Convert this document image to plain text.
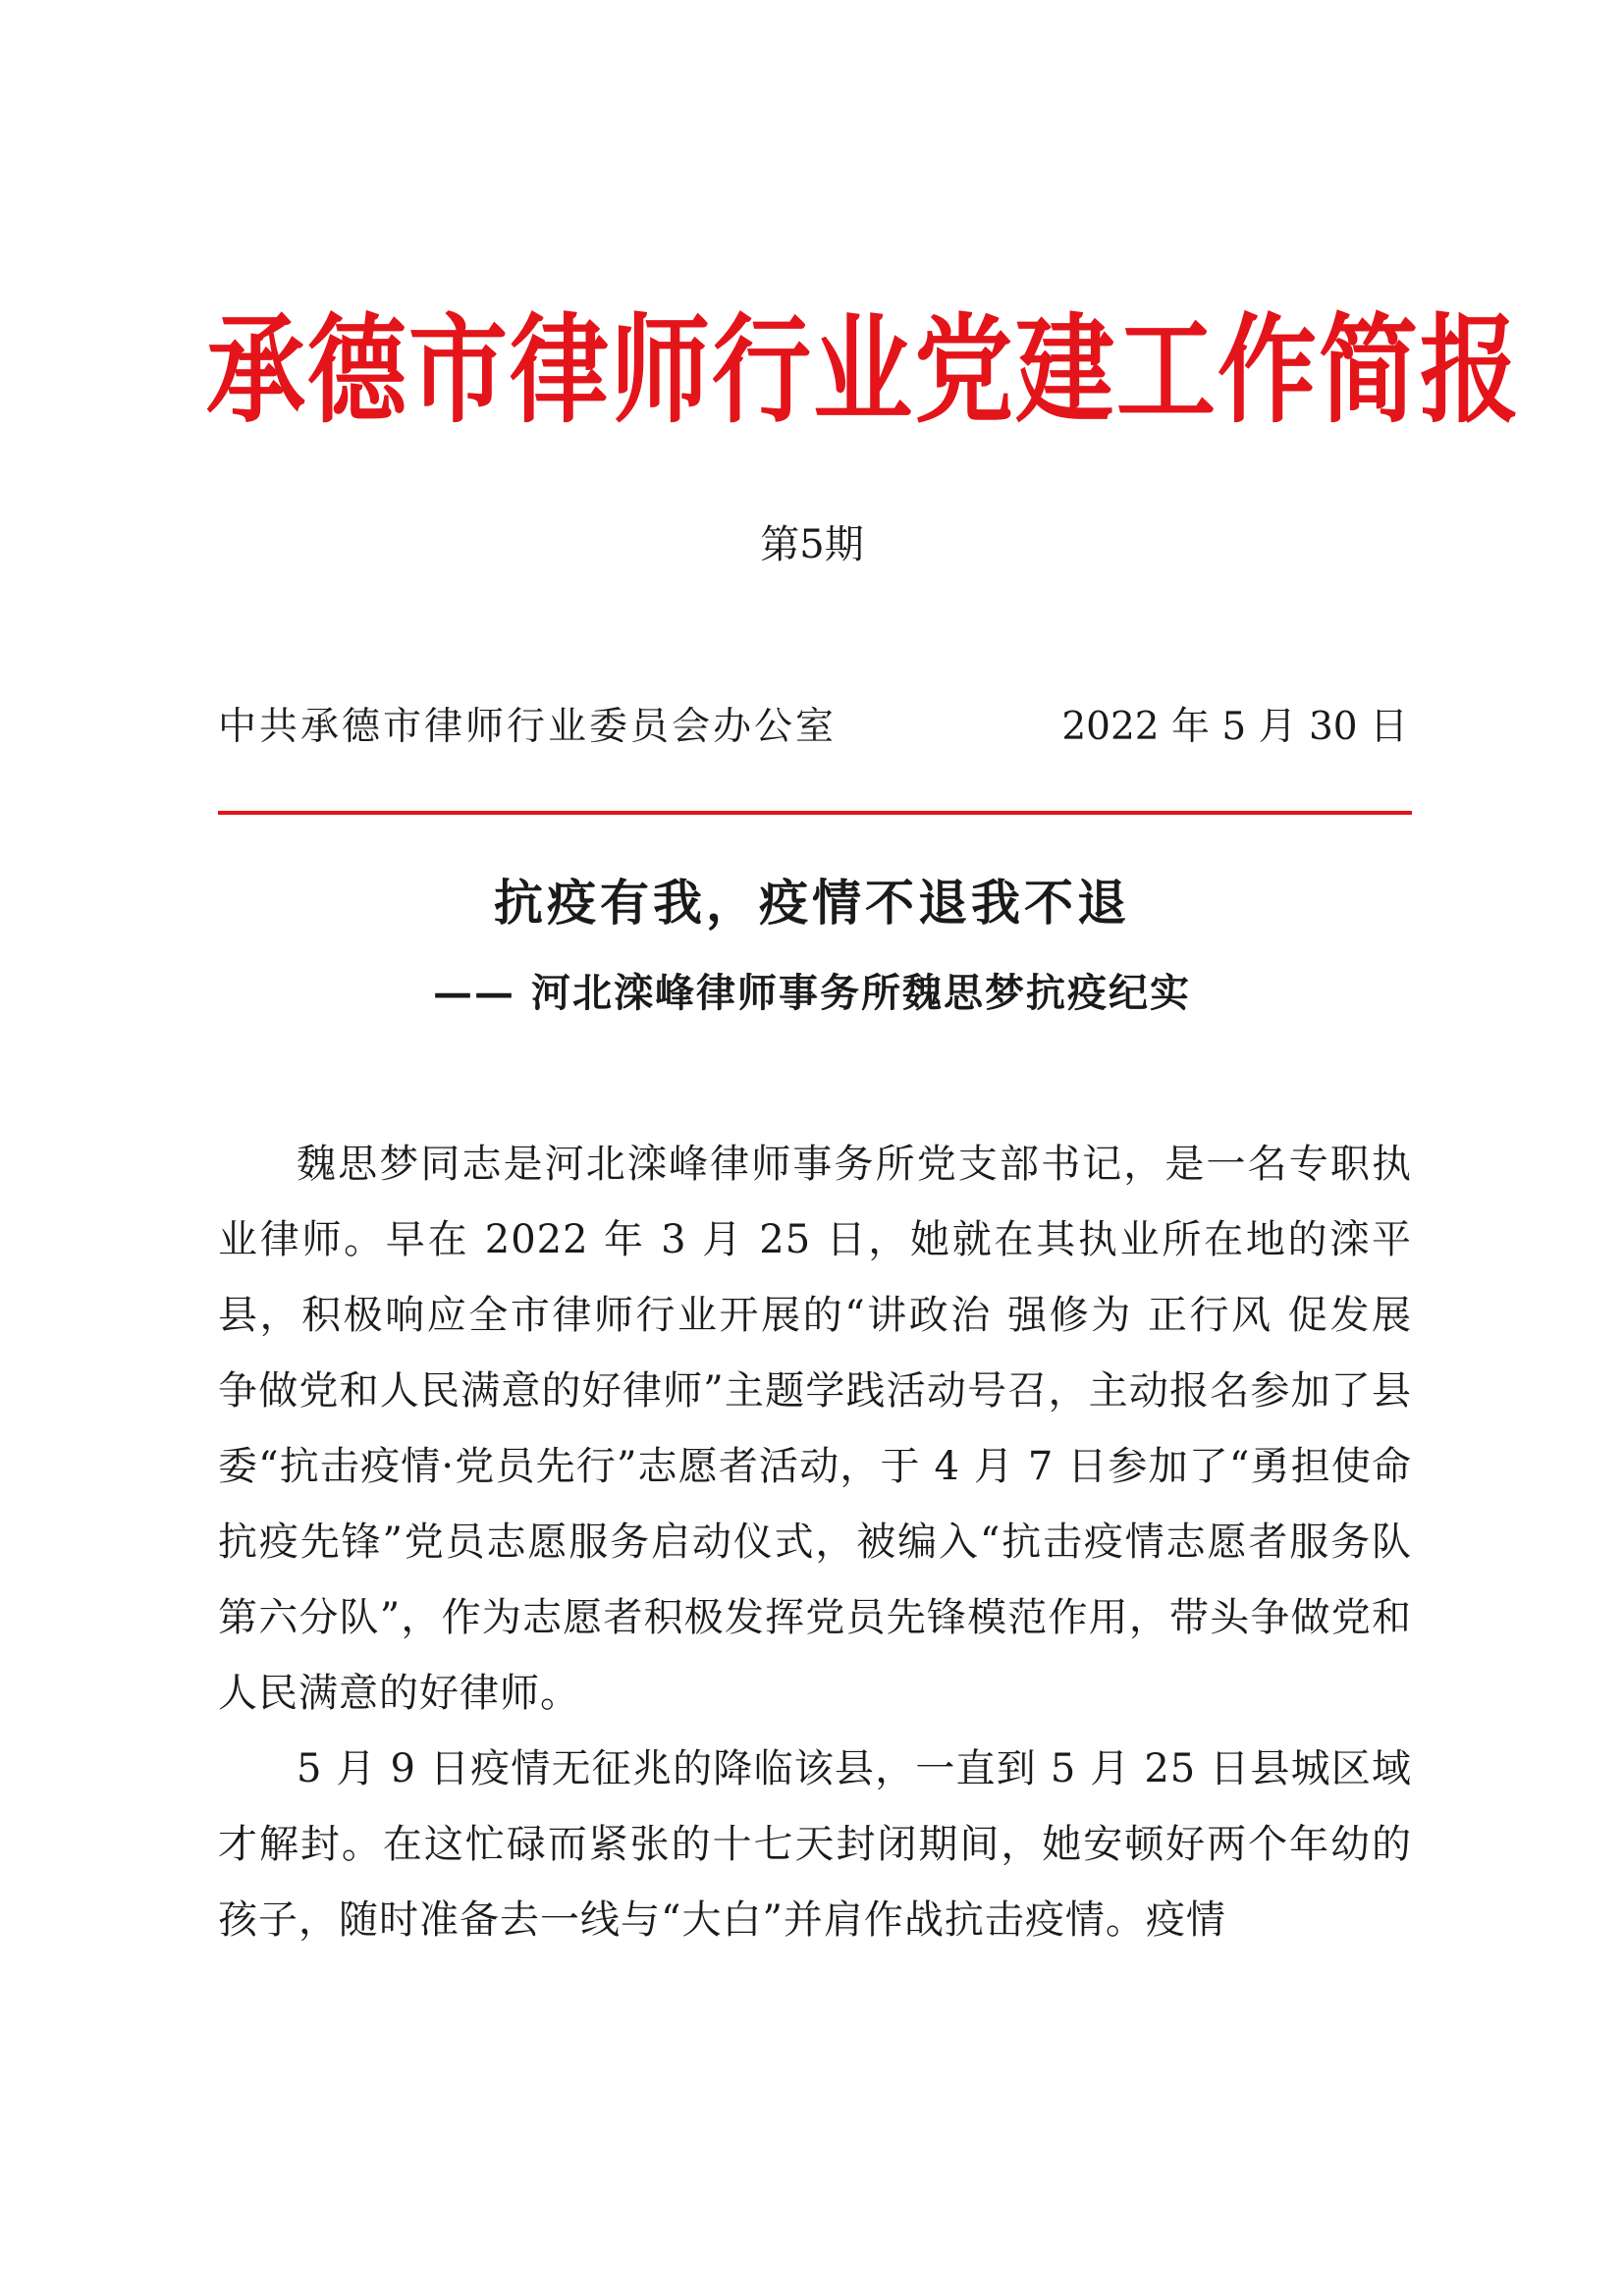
承德市律师行业党建工作简报
第5期
中共承德市律师行业委员会办公室	2022 年 5 月 30 日
抗疫有我，疫情不退我不退
—— 河北滦峰律师事务所魏思梦抗疫纪实

魏思梦同志是河北滦峰律师事务所党支部书记，是一名专职执业律师。早在 2022 年 3 月 25 日，她就在其执业所在地的滦平县，积极响应全市律师行业开展的“讲政治 强修为 正行风 促发展 争做党和人民满意的好律师”主题学践活动号召，主动报名参加了县委“抗击疫情·党员先行”志愿者活动，于 4 月 7 日参加了“勇担使命 抗疫先锋”党员志愿服务启动仪式，被编入“抗击疫情志愿者服务队第六分队”，作为志愿者积极发挥党员先锋模范作用，带头争做党和人民满意的好律师。

5 月 9 日疫情无征兆的降临该县，一直到 5 月 25 日县城区域才解封。在这忙碌而紧张的十七天封闭期间，她安顿好两个年幼的孩子，随时准备去一线与“大白”并肩作战抗击疫情。疫情
